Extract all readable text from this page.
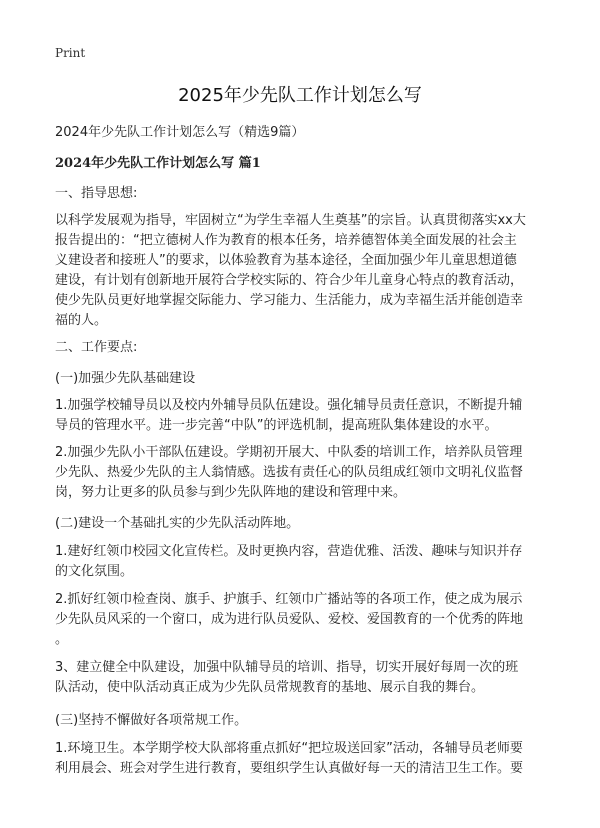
Print
2025年少先队工作计划怎么写
2024年少先队工作计划怎么写（精选9篇）
2024年少先队工作计划怎么写 篇1
一、指导思想:
以科学发展观为指导，牢固树立“为学生幸福人生奠基”的宗旨。认真贯彻落实xx大
报告提出的：“把立德树人作为教育的根本任务，培养德智体美全面发展的社会主
义建设者和接班人”的要求，以体验教育为基本途径，全面加强少年儿童思想道德
建设，有计划有创新地开展符合学校实际的、符合少年儿童身心特点的教育活动，
使少先队员更好地掌握交际能力、学习能力、生活能力，成为幸福生活并能创造幸
福的人。
二、工作要点:
(一)加强少先队基础建设
1.加强学校辅导员以及校内外辅导员队伍建设。强化辅导员责任意识，不断提升辅
导员的管理水平。进一步完善“中队”的评选机制，提高班队集体建设的水平。
2.加强少先队小干部队伍建设。学期初开展大、中队委的培训工作，培养队员管理
少先队、热爱少先队的主人翁情感。选拔有责任心的队员组成红领巾文明礼仪监督
岗，努力让更多的队员参与到少先队阵地的建设和管理中来。
(二)建设一个基础扎实的少先队活动阵地。
1.建好红领巾校园文化宣传栏。及时更换内容，营造优雅、活泼、趣味与知识并存
的文化氛围。
2.抓好红领巾检查岗、旗手、护旗手、红领巾广播站等的各项工作，使之成为展示
少先队员风采的一个窗口，成为进行队员爱队、爱校、爱国教育的一个优秀的阵地
。
3、建立健全中队建设，加强中队辅导员的培训、指导，切实开展好每周一次的班
队活动，使中队活动真正成为少先队员常规教育的基地、展示自我的舞台。
(三)坚持不懈做好各项常规工作。
1.环境卫生。本学期学校大队部将重点抓好“把垃圾送回家”活动，各辅导员老师要
利用晨会、班会对学生进行教育，要组织学生认真做好每一天的清洁卫生工作。要
